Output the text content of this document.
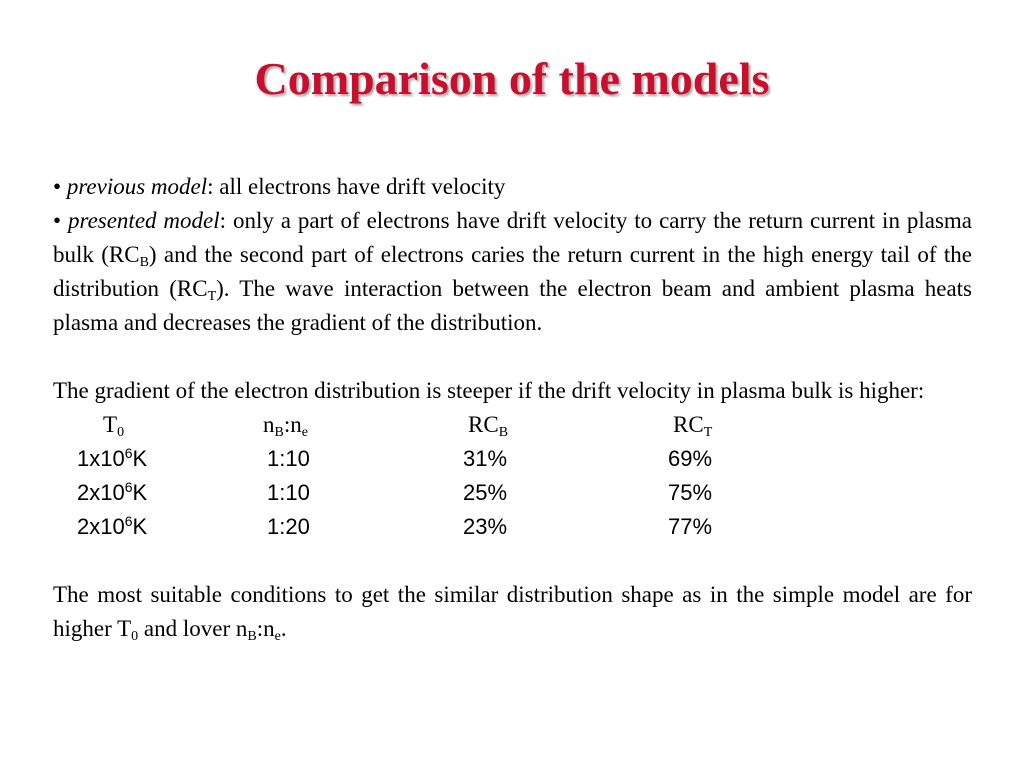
Comparison of the models

• previous model: all electrons have drift velocity

• presented model: only a part of electrons have drift velocity to carry the return current in plasma bulk $(RC_B)$ and the second part of electrons caries the return current in the high energy tail of the distribution $(RC_T)$. The wave interaction between the electron beam and ambient plasma heats plasma and decreases the gradient of the distribution.

The gradient of the electron distribution is steeper if the drift velocity in plasma bulk is higher:

$T_0$	$n_B:n_e$	$RC_B$	$RC_T$
$1x10^6K$	1:10	31%	69%
$2x10^6K$	1:10	25%	75%
$2x10^6K$	1:20	23%	77%

The most suitable conditions to get the similar distribution shape as in the simple model are for higher $T_0$ and lover $n_B:n_e$.
